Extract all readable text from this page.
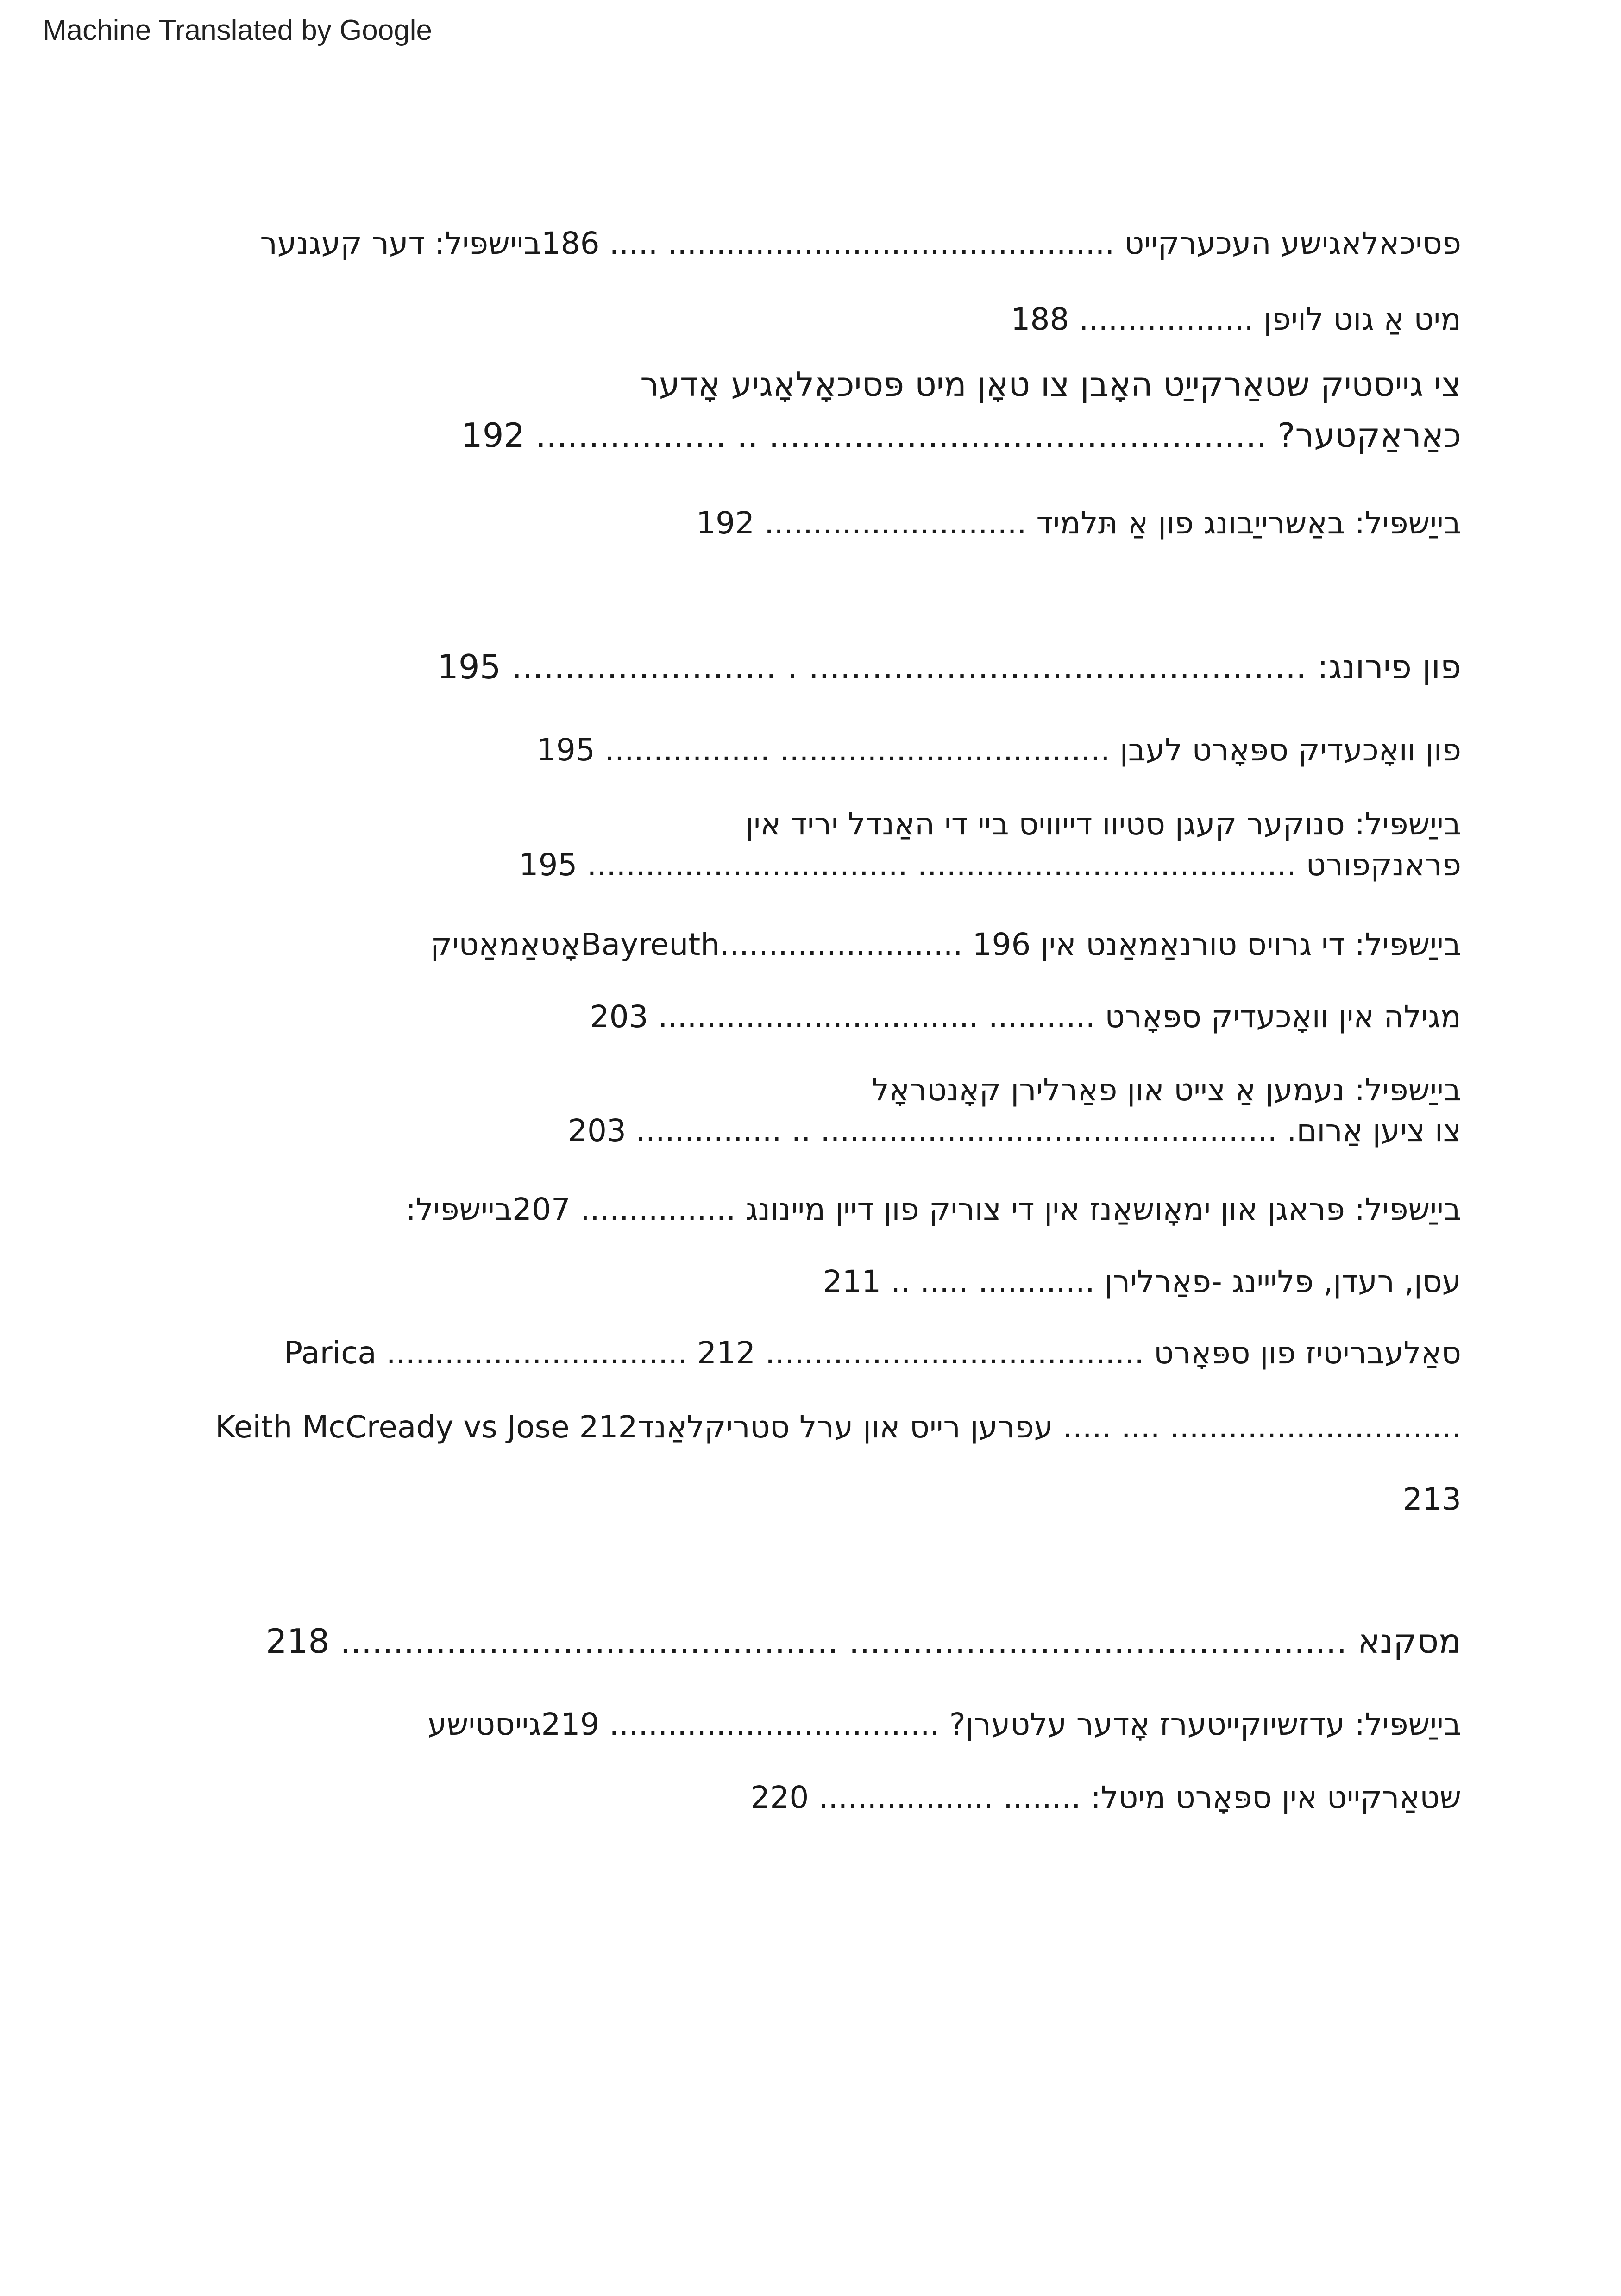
Machine Translated by Google
פסיכאלאגישע העכערקייט .............................................. ..... 186ביישפּיל: דער קעגנער
מיט אַ גוט לויפן .................. 188
צי גייסטיק שטאַרקייַט האָבן צו טאָן מיט פּסיכאָלאָגיע אָדער
כאַראַקטער? ............................................... .. .................. 192
בייַשפּיל: באַשרייַבונג פון אַ תּלמיד ........................... 192
פון פירונג: ............................................... . ......................... 195
פון וואָכעדיק ספּאָרט לעבן .................................. ................. 195
בייַשפּיל: סנוקער קעגן סטיוו דייוויס ביי די האַנדל יריד אין
פראנקפורט ....................................... ................................. 195
בייַשפּיל: די גרויס טורנאַמאַנט אין 196 .........................Bayreuthאָטאַמאַטיק
מגילה אין וואָכעדיק ספּאָרט ........... ................................. 203
בייַשפּיל: נעמען אַ צייט און פאַרלירן קאָנטראָל
צו ציען אַרום. ............................................... .. ............... 203
בייַשפּיל: פּראגן און ימאָושאַנז אין די צוריק פון דיין מיינונג ................ 207ביישפּיל:
עסן, רעדן, פּלייינג -פאַרלירן ............ ..... .. 211
סאַלעבריטיז פון ספּאָרט ....................................... 212 ............................... Parica
Keith McCready vs Jose 212עפרען רייס און ערל סטריקלאַנד ..... .... ..............................
213
מסקנא ............................................... ............................................... 218
בייַשפּיל: עדזשיוקייטערז אָדער עלטערן? .................................. 219גייסטישע
שטאַרקייט אין ספּאָרט מיטל: ........ .................. 220
